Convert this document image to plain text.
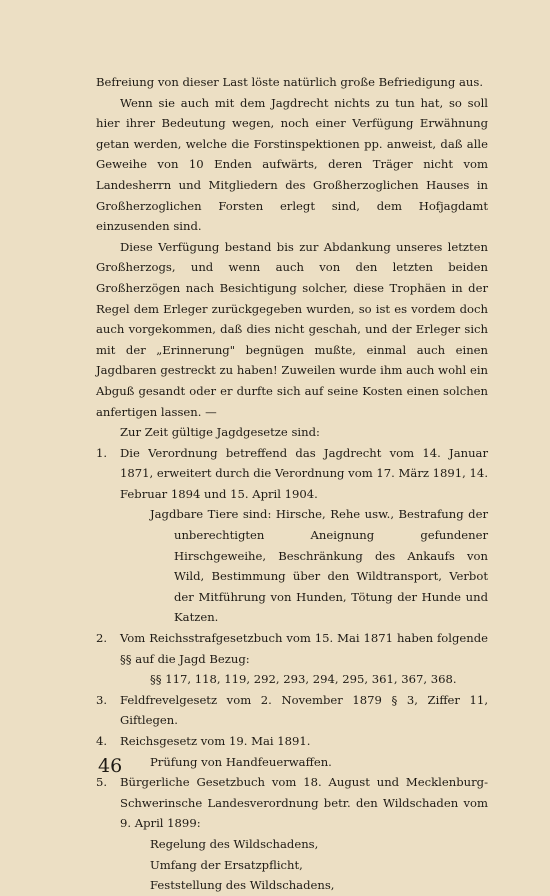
Befreiung von dieser Last löste natürlich große Befriedigung aus.

Wenn sie auch mit dem Jagdrecht nichts zu tun hat, so soll hier ihrer Bedeutung wegen, noch einer Verfügung Erwähnung getan werden, welche die Forstinspektionen pp. anweist, daß alle Geweihe von 10 Enden aufwärts, deren Träger nicht vom Landesherrn und Mitgliedern des Großherzoglichen Hauses in Großherzoglichen Forsten erlegt sind, dem Hofjagdamt einzusenden sind.

Diese Verfügung bestand bis zur Abdankung unseres letzten Großherzogs, und wenn auch von den letzten beiden Großherzögen nach Besichtigung solcher, diese Trophäen in der Regel dem Erleger zurückgegeben wurden, so ist es vordem doch auch vorgekommen, daß dies nicht geschah, und der Erleger sich mit der „Erinnerung" begnügen mußte, einmal auch einen Jagdbaren gestreckt zu haben! Zuweilen wurde ihm auch wohl ein Abguß gesandt oder er durfte sich auf seine Kosten einen solchen anfertigen lassen. —

Zur Zeit gültige Jagdgesetze sind:

1. Die Verordnung betreffend das Jagdrecht vom 14. Januar 1871, erweitert durch die Verordnung vom 17. März 1891, 14. Februar 1894 und 15. April 1904.
Jagdbare Tiere sind: Hirsche, Rehe usw., Bestrafung der unberechtigten Aneignung gefundener Hirschgeweihe, Beschränkung des Ankaufs von Wild, Bestimmung über den Wildtransport, Verbot der Mitführung von Hunden, Tötung der Hunde und Katzen.
2. Vom Reichsstrafgesetzbuch vom 15. Mai 1871 haben folgende §§ auf die Jagd Bezug:
§§ 117, 118, 119, 292, 293, 294, 295, 361, 367, 368.
3. Feldfrevelgesetz vom 2. November 1879 § 3, Ziffer 11, Giftlegen.
4. Reichsgesetz vom 19. Mai 1891.
Prüfung von Handfeuerwaffen.
5. Bürgerliche Gesetzbuch vom 18. August und Mecklenburg-Schwerinsche Landesverordnung betr. den Wildschaden vom 9. April 1899:
Regelung des Wildschadens,
Umfang der Ersatzpflicht,
Feststellung des Wildschadens,
46
